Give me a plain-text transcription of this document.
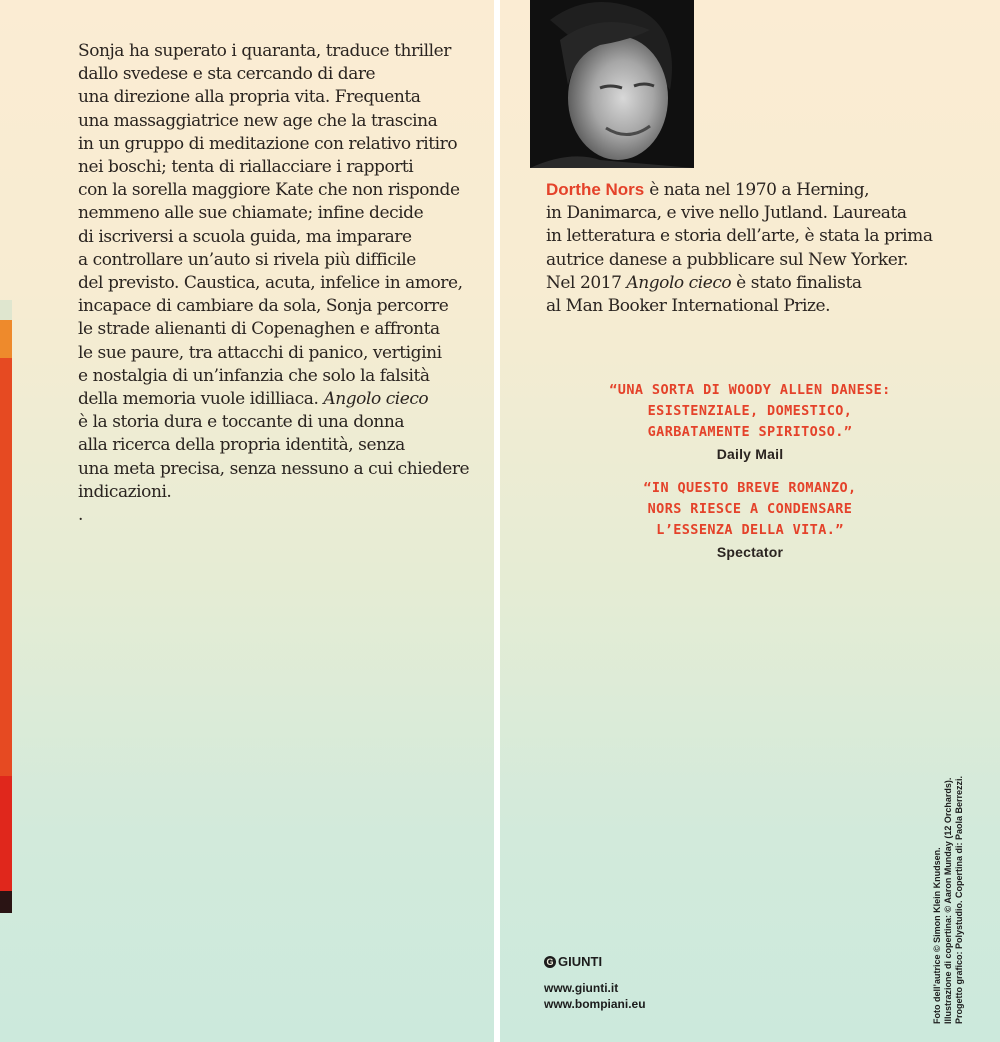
Sonja ha superato i quaranta, traduce thriller
dallo svedese e sta cercando di dare
una direzione alla propria vita. Frequenta
una massaggiatrice new age che la trascina
in un gruppo di meditazione con relativo ritiro
nei boschi; tenta di riallacciare i rapporti
con la sorella maggiore Kate che non risponde
nemmeno alle sue chiamate; infine decide
di iscriversi a scuola guida, ma imparare
a controllare un’auto si rivela più difficile
del previsto. Caustica, acuta, infelice in amore,
incapace di cambiare da sola, Sonja percorre
le strade alienanti di Copenaghen e affronta
le sue paure, tra attacchi di panico, vertigini
e nostalgia di un’infanzia che solo la falsità
della memoria vuole idilliaca. Angolo cieco
è la storia dura e toccante di una donna
alla ricerca della propria identità, senza
una meta precisa, senza nessuno a cui chiedere
indicazioni.
.

Dorthe Nors è nata nel 1970 a Herning,
in Danimarca, e vive nello Jutland. Laureata
in letteratura e storia dell’arte, è stata la prima
autrice danese a pubblicare sul New Yorker.
Nel 2017 Angolo cieco è stato finalista
al Man Booker International Prize.

“UNA SORTA DI WOODY ALLEN DANESE:
ESISTENZIALE, DOMESTICO,
GARBATAMENTE SPIRITOSO.”
Daily Mail
“IN QUESTO BREVE ROMANZO,
NORS RIESCE A CONDENSARE
L’ESSENZA DELLA VITA.”
Spectator
G GIUNTI
www.giunti.it
www.bompiani.eu	Foto dell’autrice © Simon Klein Knudsen. Illustrazione di copertina: © Aaron Munday (12 Orchards). Progetto grafico: Polystudio. Copertina di: Paola Berrezzi.
